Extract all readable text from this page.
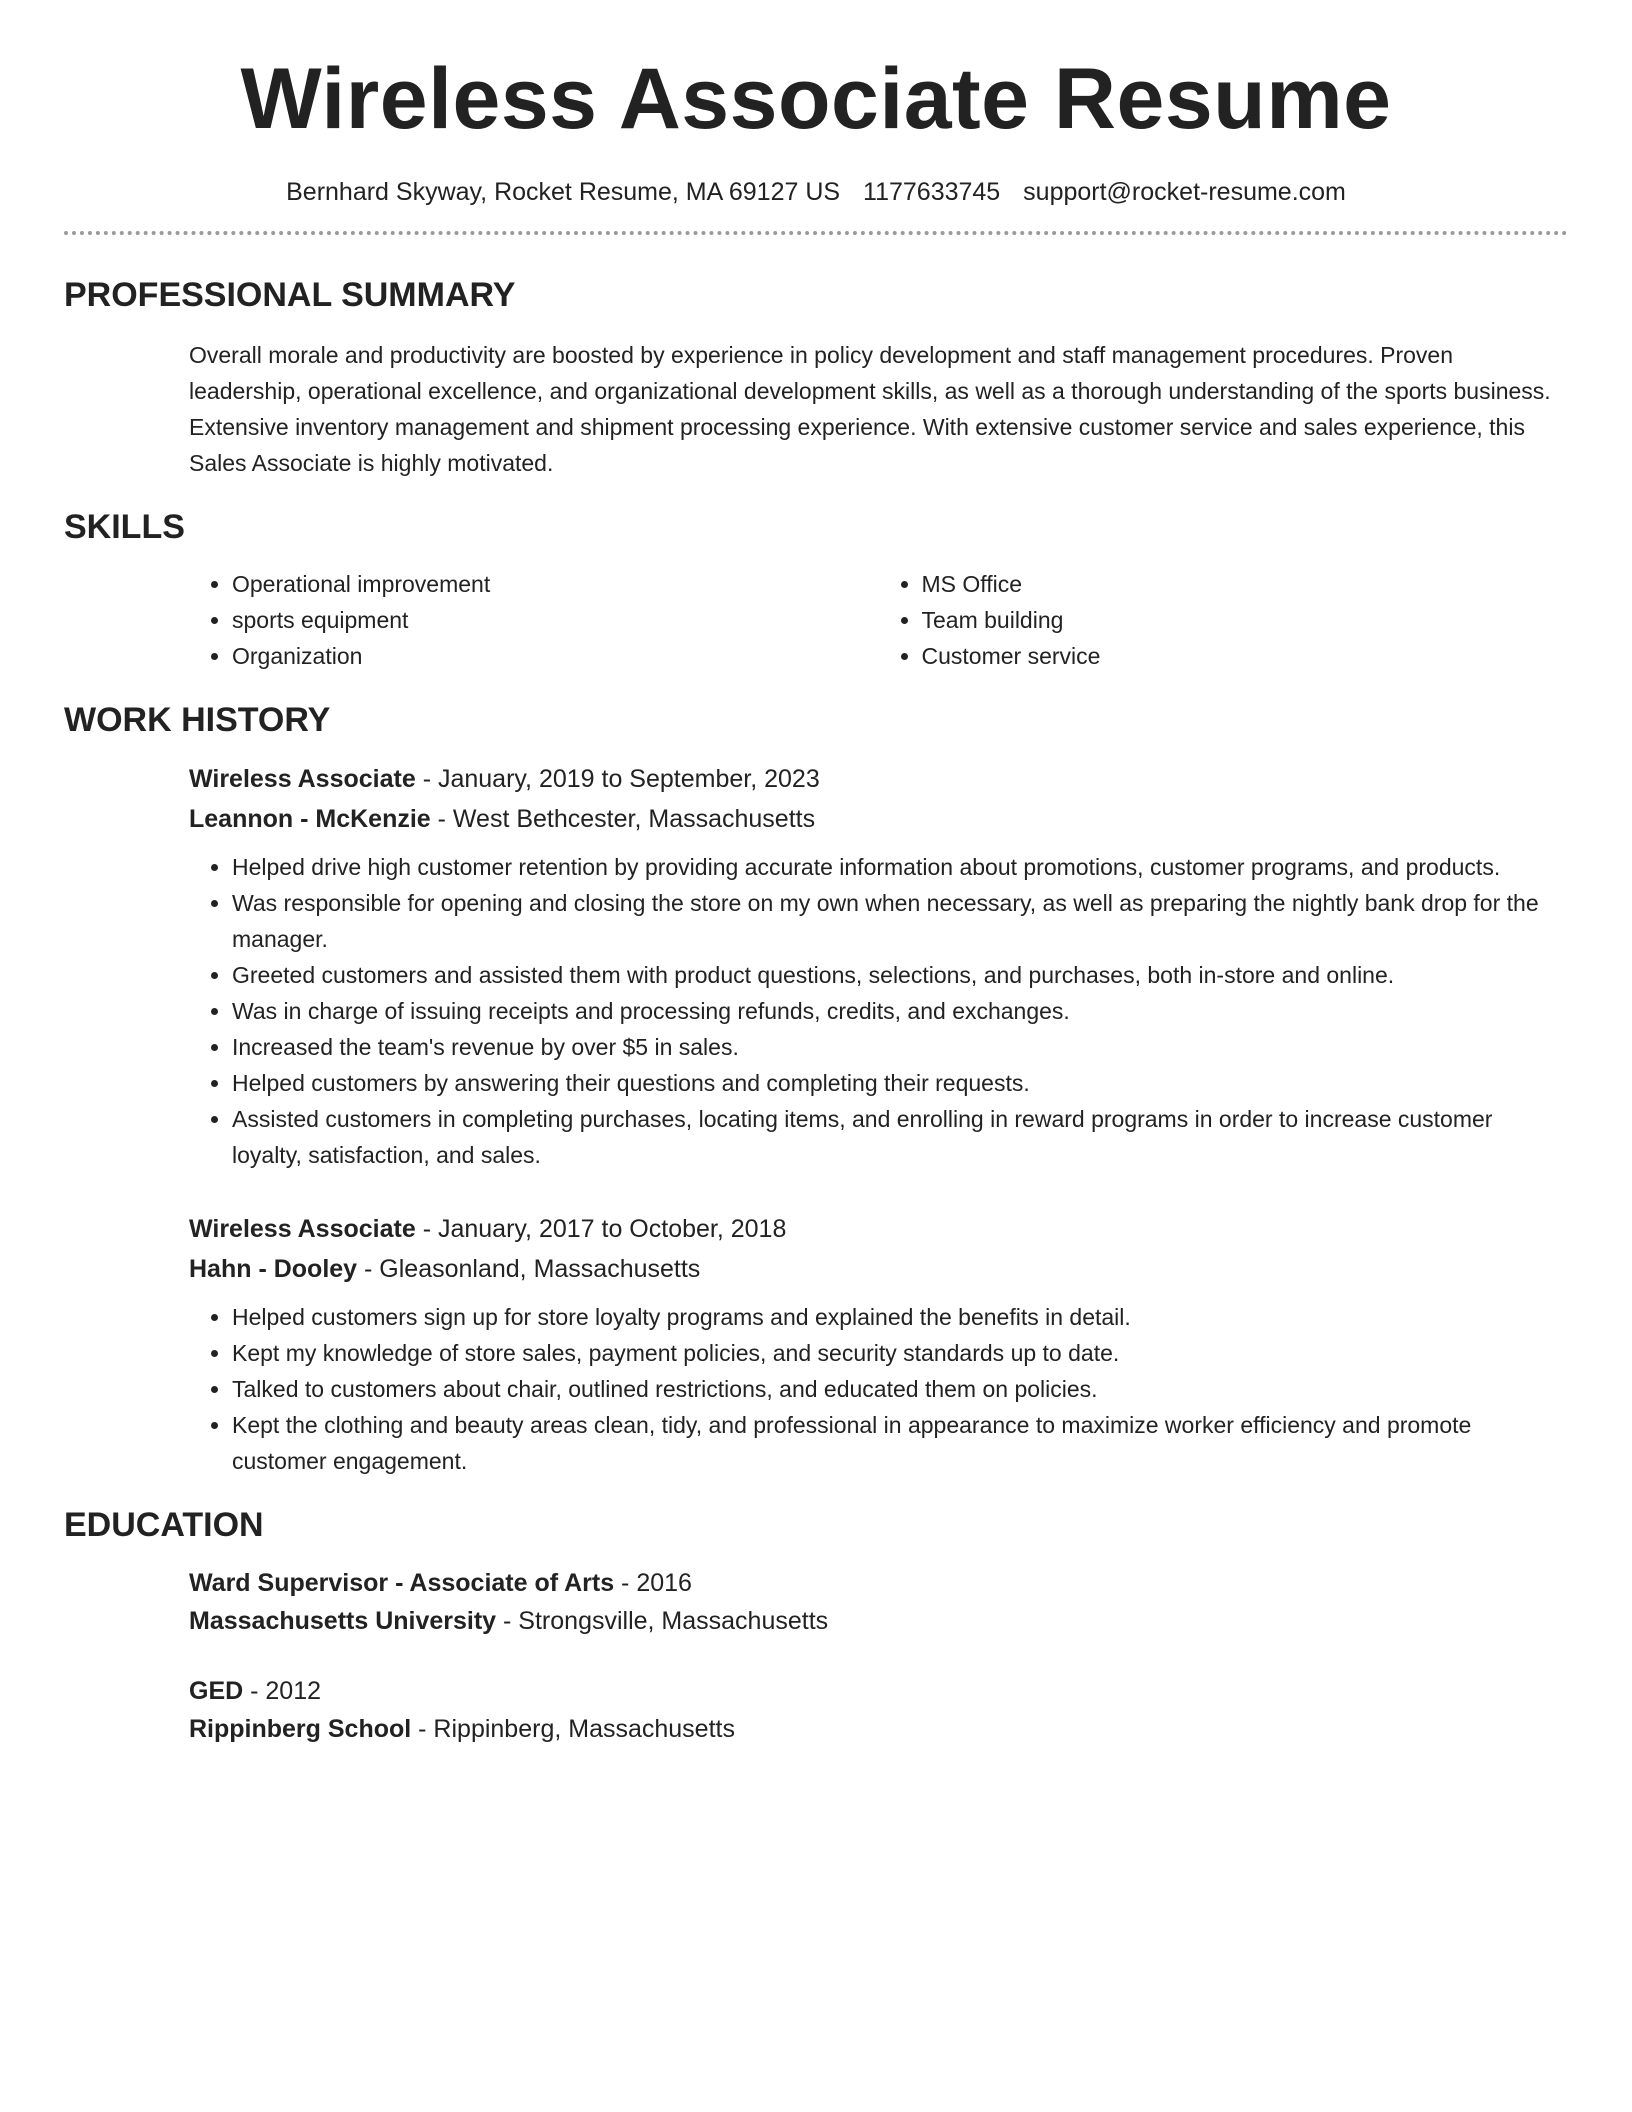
Wireless Associate Resume
Bernhard Skyway, Rocket Resume, MA 69127 US 1177633745 support@rocket-resume.com
PROFESSIONAL SUMMARY
Overall morale and productivity are boosted by experience in policy development and staff management procedures. Proven leadership, operational excellence, and organizational development skills, as well as a thorough understanding of the sports business. Extensive inventory management and shipment processing experience. With extensive customer service and sales experience, this Sales Associate is highly motivated.
SKILLS
• Operational improvement
• sports equipment
• Organization
• MS Office
• Team building
• Customer service
WORK HISTORY
Wireless Associate - January, 2019 to September, 2023
Leannon - McKenzie - West Bethcester, Massachusetts
• Helped drive high customer retention by providing accurate information about promotions, customer programs, and products.
• Was responsible for opening and closing the store on my own when necessary, as well as preparing the nightly bank drop for the manager.
• Greeted customers and assisted them with product questions, selections, and purchases, both in-store and online.
• Was in charge of issuing receipts and processing refunds, credits, and exchanges.
• Increased the team's revenue by over $5 in sales.
• Helped customers by answering their questions and completing their requests.
• Assisted customers in completing purchases, locating items, and enrolling in reward programs in order to increase customer loyalty, satisfaction, and sales.
Wireless Associate - January, 2017 to October, 2018
Hahn - Dooley - Gleasonland, Massachusetts
• Helped customers sign up for store loyalty programs and explained the benefits in detail.
• Kept my knowledge of store sales, payment policies, and security standards up to date.
• Talked to customers about chair, outlined restrictions, and educated them on policies.
• Kept the clothing and beauty areas clean, tidy, and professional in appearance to maximize worker efficiency and promote customer engagement.
EDUCATION
Ward Supervisor - Associate of Arts - 2016
Massachusetts University - Strongsville, Massachusetts
GED - 2012
Rippinberg School - Rippinberg, Massachusetts
